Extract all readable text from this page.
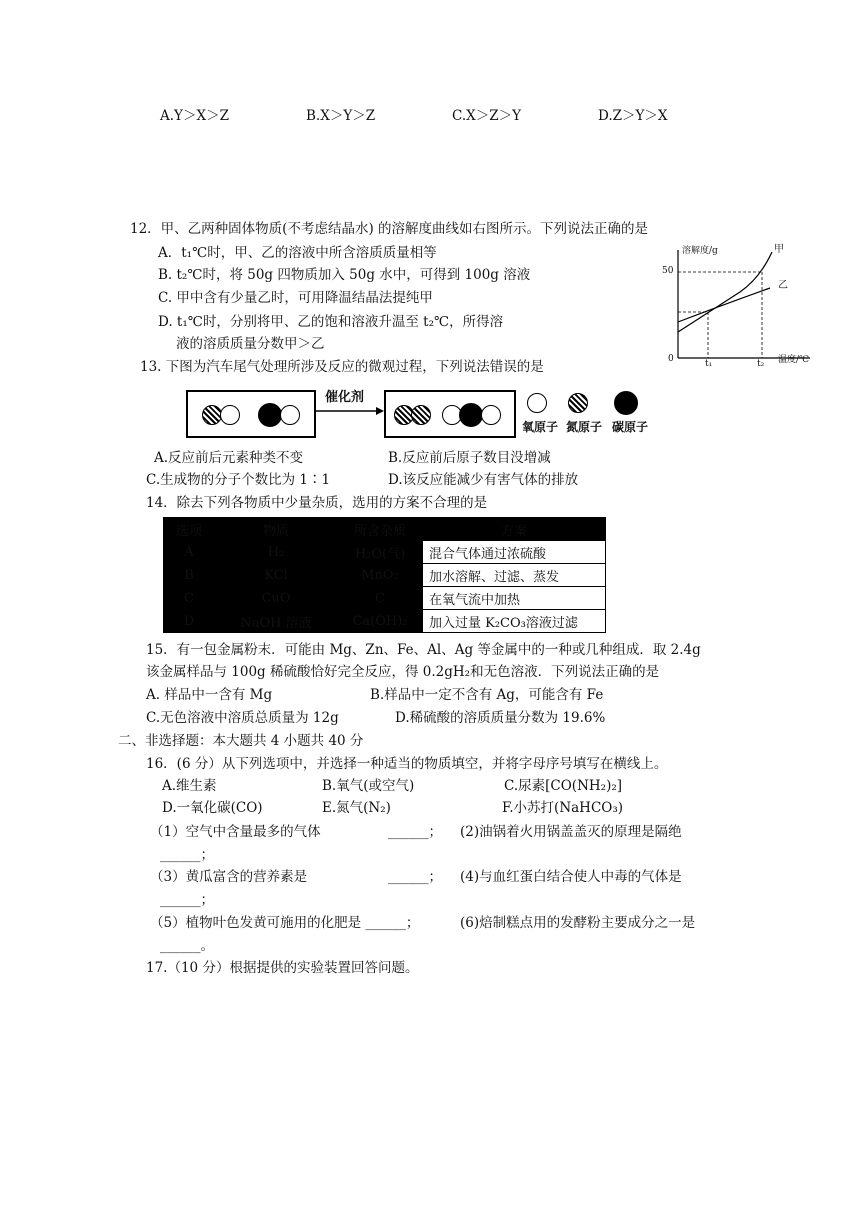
A.Y＞X＞Z	B.X＞Y＞Z	C.X＞Z＞Y	D.Z＞Y＞X
12．甲、乙两种固体物质(不考虑结晶水) 的溶解度曲线如右图所示。下列说法正确的是
A．t₁℃时，甲、乙的溶液中所含溶质质量相等
B. t₂℃时，将 50g 四物质加入 50g 水中，可得到 100g 溶液
C. 甲中含有少量乙时，可用降温结晶法提纯甲
D. t₁℃时，分别将甲、乙的饱和溶液升温至 t₂℃，所得溶
液的溶质质量分数甲＞乙
溶解度/g
50
0	t₁	t₂ 温度/℃
甲
乙
13. 下图为汽车尾气处理所涉及反应的微观过程，下列说法错误的是
催化剂
氧原子 氮原子 碳原子
A.反应前后元素种类不变	B.反应前后原子数目没增减
C.生成物的分子个数比为 1∶1	D.该反应能减少有害气体的排放
14．除去下列各物质中少量杂质，选用的方案不合理的是
选项	物质	所含杂质	方案
A	H₂	H₂O(气)	混合气体通过浓硫酸
B	KCl	MnO₂	加水溶解、过滤、蒸发
C	CuO	C	在氧气流中加热
D	NaOH 溶液	Ca(OH)₂	加入过量 K₂CO₃溶液过滤
15．有一包金属粉末．可能由 Mg、Zn、Fe、Al、Ag 等金属中的一种或几种组成．取 2.4g
该金属样品与 100g 稀硫酸恰好完全反应，得 0.2gH₂和无色溶液．下列说法正确的是
A. 样品中一含有 Mg	B.样品中一定不含有 Ag，可能含有 Fe
C.无色溶液中溶质总质量为 12g	D.稀硫酸的溶质质量分数为 19.6%
二、非选择题：本大题共 4 小题共 40 分
16．(6 分）从下列选项中，并选择一种适当的物质填空，并将字母序号填写在横线上。
A.维生素	B.氧气(或空气)	C.尿素[CO(NH₂)₂]
D.一氧化碳(CO)	E.氮气(N₂)	F.小苏打(NaHCO₃)
（1）空气中含量最多的气体	______； (2)油锅着火用锅盖盖灭的原理是隔绝
______；
（3）黄瓜富含的营养素是	______； (4)与血红蛋白结合使人中毒的气体是
______；
（5）植物叶色发黄可施用的化肥是 ______；	(6)焙制糕点用的发酵粉主要成分之一是
______。
17.（10 分）根据提供的实验装置回答问题。
